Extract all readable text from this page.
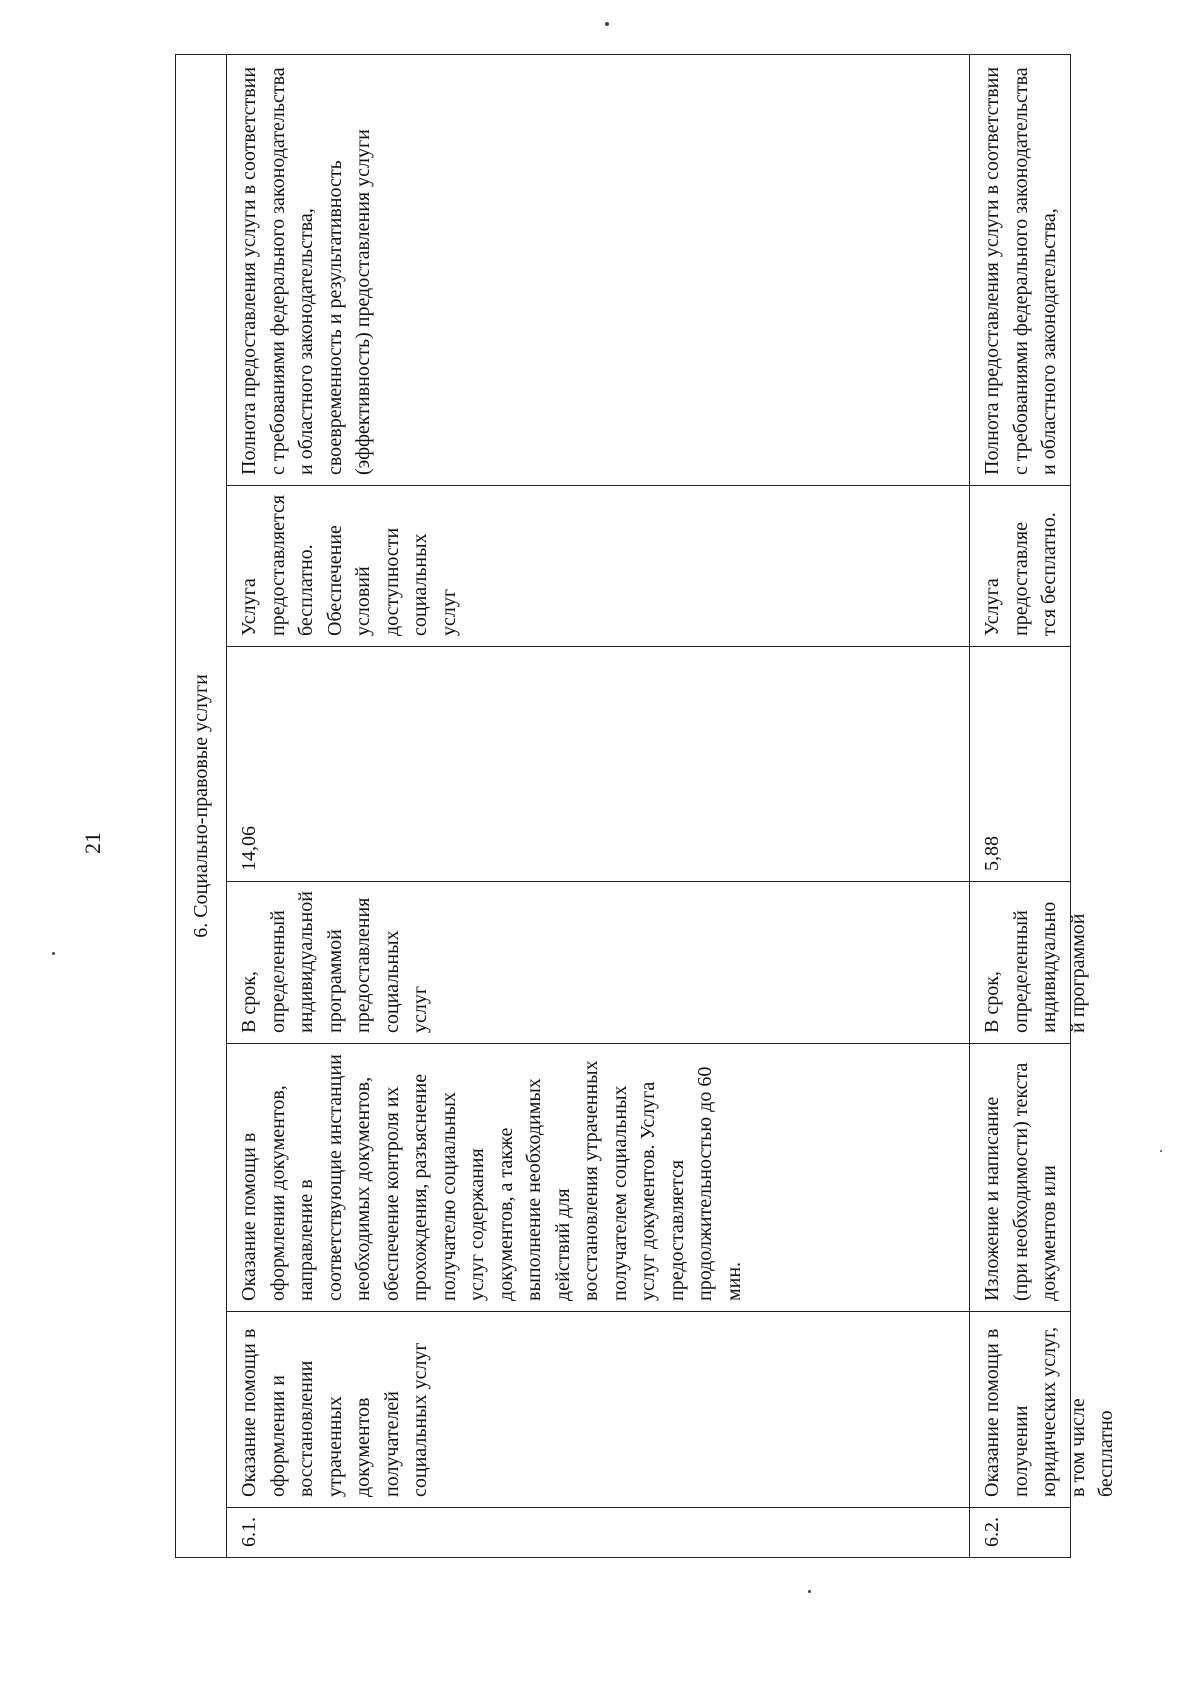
21	6. Социально-правовые услуги						
6.1.	Оказание помощи в оформлении и восстановлении утраченных документов получателей социальных услуг	Оказание помощи в оформлении документов, направление в соответствующие инстанции необходимых документов, обеспечение контроля их прохождения, разъяснение получателю социальных услуг содержания документов, а также выполнение необходимых действий для восстановления утраченных получателем социальных услуг документов. Услуга предоставляется продолжительностью до 60 мин.	В срок, определенный индивидуальной программой предоставления социальных услуг	14,06	Услуга предоставляется бесплатно. Обеспечение условий доступности социальных услуг	Полнота предоставления услуги в соответствии с требованиями федерального законодательства и областного законодательства, своевременность и результативность (эффективность) предоставления услуги

6.2.	Оказание помощи в получении юридических услуг, в том числе бесплатно	Изложение и написание (при необходимости) текста документов или	В срок, определенный индивидуально й программой	5,88	Услуга предоставляе тся бесплатно.	Полнота предоставления услуги в соответствии с требованиями федерального законодательства и областного законодательства,
